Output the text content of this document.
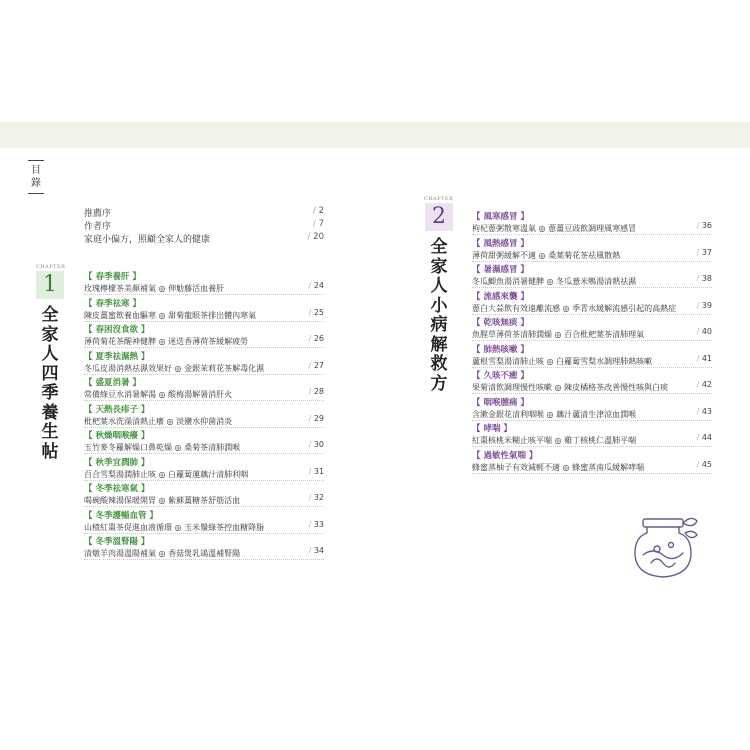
目
錄
推薦序	/ 2
作者序	/ 7
家庭小偏方，照顧全家人的健康	/ 20
CHAPTER
1
全
家
人
四
季
養
生
帖
【 春季養肝 】
玫瑰檸檬茶美顏補氣 ◎ 伸觔藤活血養肝	/ 24
【 春季祛寒 】
陳皮薑蜜飲養血驅寒 ◎ 甜菊龍眼茶排出體內寒氣	/ 25
【 春困沒食欲 】
薄荷菊花茶醒神健脾 ◎ 迷迭香薄荷茶緩解疲勞	/ 26
【 夏季祛濕熱 】
冬瓜皮湯消熱祛濕效果好 ◎ 金銀茉莉花茶解毒化濕	/ 27
【 盛夏消暑 】
常備綠豆水消暑解渴 ◎ 酸梅湯解暑消肝火	/ 28
【 天熱長痱子 】
枇杷葉水洗澡清熱止癢 ◎ 淡鹽水抑菌消炎	/ 29
【 秋燥咽喉癢 】
玉竹麥冬蘿解燥口鼻乾燥 ◎ 桑菊茶清肺潤喉	/ 30
【 秋季宜潤肺 】
百合雪梨湯潤肺止咳 ◎ 白蘿蔔蓮藕汁清肺利咽	/ 31
【 冬季祛寒氣 】
喝碗酸辣湯保暖開胃 ◎ 紫蘇薑糖茶舒筋活血	/ 32
【 冬季護暢血管 】
山楂紅棗茶促進血液循環 ◎ 玉米鬚綠茶控血糖降脂	/ 33
【 冬季溫腎陽 】
清燉羊肉湯溫陽補氣 ◎ 香菇煲乳鴿溫補腎陽	/ 34
CHAPTER
2
全
家
人
小
病
解
救
方
【 風寒感冒 】
枸杞蔥粥散寒溫氣 ◎ 蔥薑豆豉飲調理風寒感冒	/ 36
【 風熱感冒 】
薄荷甜粥緩解不適 ◎ 桑葉菊花茶祛風散熱	/ 37
【 暑濕感冒 】
冬瓜鯽魚湯消暑健脾 ◎ 冬瓜薏米鴨湯清熱祛濕	/ 38
【 流感來襲 】
蔥白大蒜飲有效遠離流感 ◎ 季青水緩解流感引起的高熱症	/ 39
【 乾咳無痰 】
魚腥草薄荷茶清肺潤燥 ◎ 百合枇杷葉茶清肺理氣	/ 40
【 肺熱咳嗽 】
蘆根雪梨湯清肺止咳 ◎ 白蘿蔔雪梨水調理肺熱咳嗽	/ 41
【 久咳不癒 】
果菊清飲調理慢性咳嗽 ◎ 陳皮橘格茶改善慢性咳與白痰	/ 42
【 咽喉腫痛 】
含漱金銀花清利咽喉 ◎ 藕汁蘆清生津涼血潤喉	/ 43
【 哮喘 】
紅棗核桃米糊止咳平喘 ◎ 雞丁核桃仁溫肺平喘	/ 44
【 過敏性氣喘 】
蜂蜜蒸柚子有效減輕不適 ◎ 蜂蜜蒸南瓜緩解哮喘	/ 45
